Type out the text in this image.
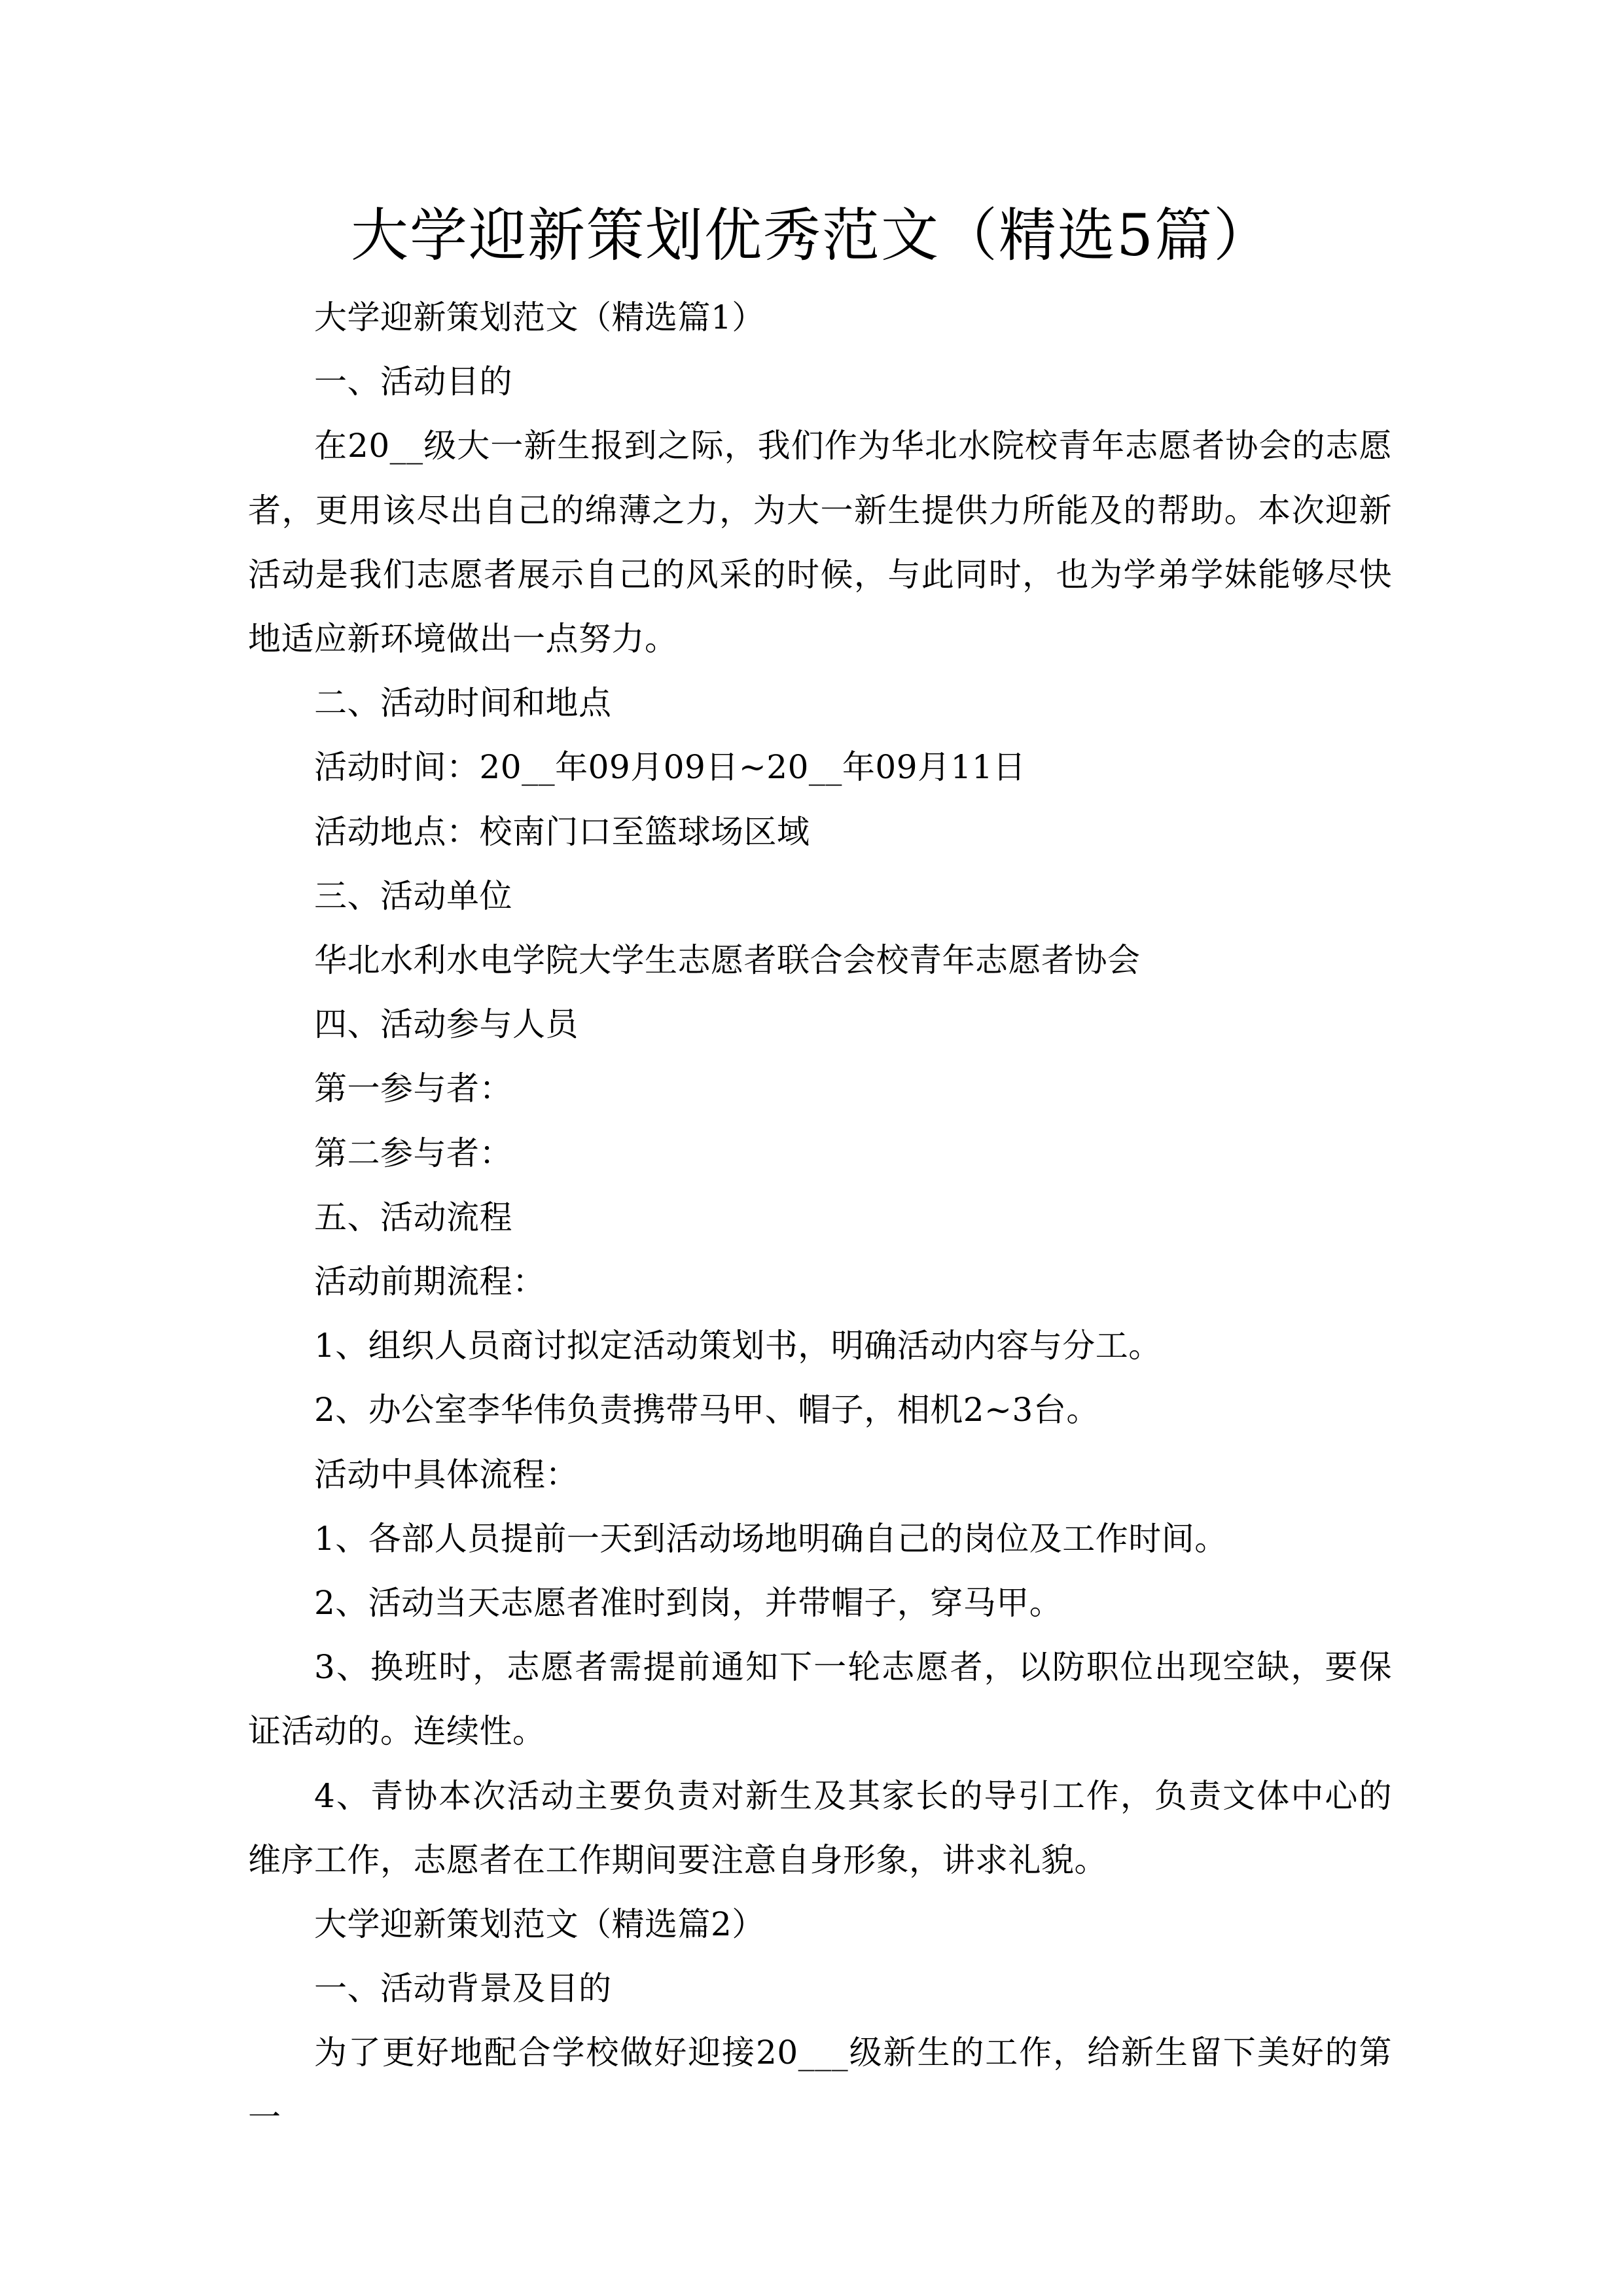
大学迎新策划优秀范文（精选5篇）

大学迎新策划范文（精选篇1）

一、活动目的

在20__级大一新生报到之际，我们作为华北水院校青年志愿者协会的志愿者，更用该尽出自己的绵薄之力，为大一新生提供力所能及的帮助。本次迎新活动是我们志愿者展示自己的风采的时候，与此同时，也为学弟学妹能够尽快地适应新环境做出一点努力。

二、活动时间和地点

活动时间：20__年09月09日~20__年09月11日

活动地点：校南门口至篮球场区域

三、活动单位

华北水利水电学院大学生志愿者联合会校青年志愿者协会

四、活动参与人员

第一参与者：

第二参与者：

五、活动流程

活动前期流程：

1、组织人员商讨拟定活动策划书，明确活动内容与分工。

2、办公室李华伟负责携带马甲、帽子，相机2~3台。

活动中具体流程：

1、各部人员提前一天到活动场地明确自己的岗位及工作时间。

2、活动当天志愿者准时到岗，并带帽子，穿马甲。

3、换班时，志愿者需提前通知下一轮志愿者，以防职位出现空缺，要保证活动的。连续性。

4、青协本次活动主要负责对新生及其家长的导引工作，负责文体中心的维序工作，志愿者在工作期间要注意自身形象，讲求礼貌。

大学迎新策划范文（精选篇2）

一、活动背景及目的

为了更好地配合学校做好迎接20___级新生的工作，给新生留下美好的第一
